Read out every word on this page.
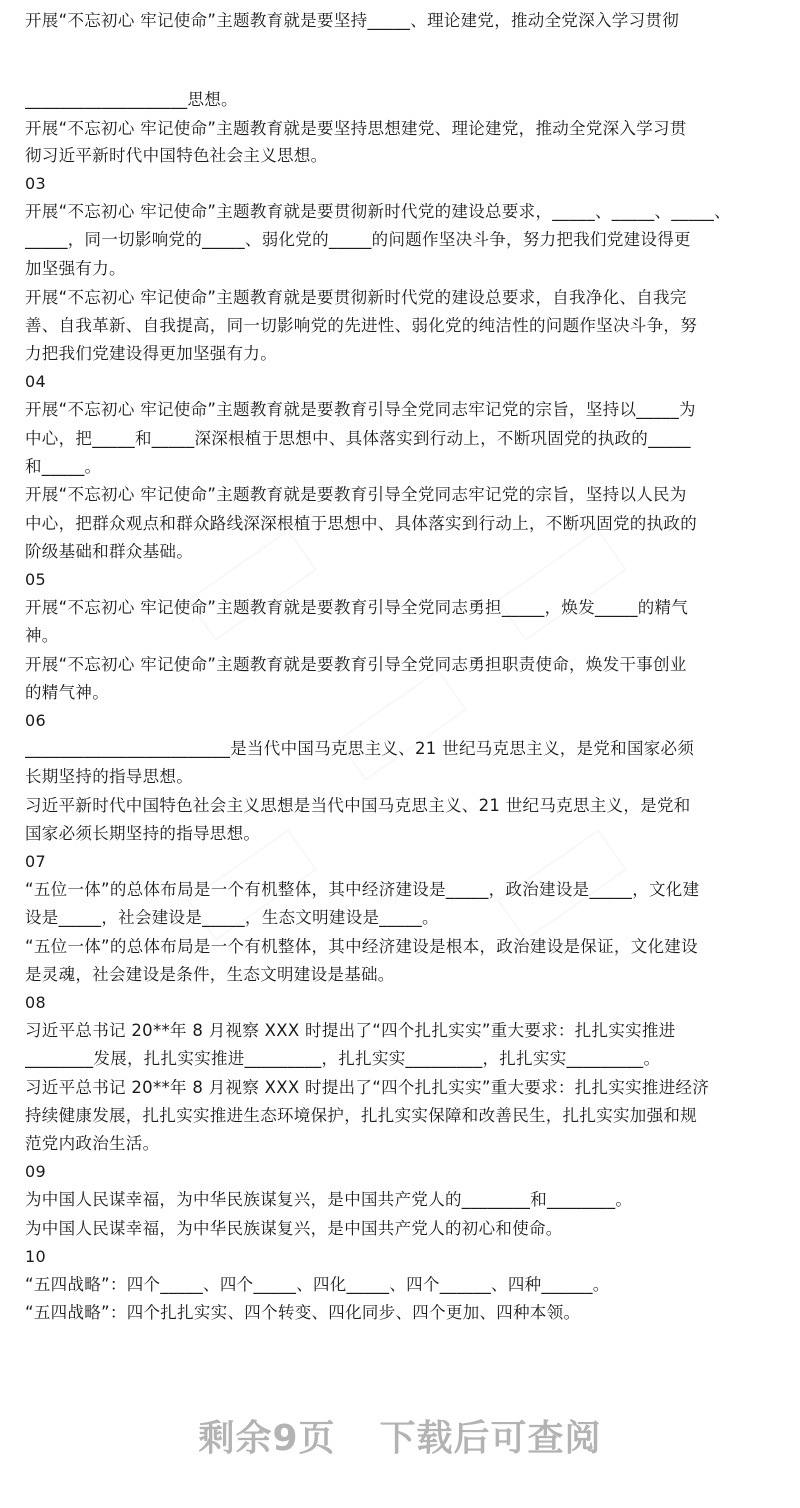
开展“不忘初心 牢记使命”主题教育就是要坚持_____、理论建党，推动全党深入学习贯彻
___________________思想。
开展“不忘初心 牢记使命”主题教育就是要坚持思想建党、理论建党，推动全党深入学习贯
彻习近平新时代中国特色社会主义思想。
03
开展“不忘初心 牢记使命”主题教育就是要贯彻新时代党的建设总要求，_____、_____、_____、
_____，同一切影响党的_____、弱化党的_____的问题作坚决斗争，努力把我们党建设得更
加坚强有力。
开展“不忘初心 牢记使命”主题教育就是要贯彻新时代党的建设总要求，自我净化、自我完
善、自我革新、自我提高，同一切影响党的先进性、弱化党的纯洁性的问题作坚决斗争，努
力把我们党建设得更加坚强有力。
04
开展“不忘初心 牢记使命”主题教育就是要教育引导全党同志牢记党的宗旨，坚持以_____为
中心，把_____和_____深深根植于思想中、具体落实到行动上，不断巩固党的执政的_____
和_____。
开展“不忘初心 牢记使命”主题教育就是要教育引导全党同志牢记党的宗旨，坚持以人民为
中心，把群众观点和群众路线深深根植于思想中、具体落实到行动上，不断巩固党的执政的
阶级基础和群众基础。
05
开展“不忘初心 牢记使命”主题教育就是要教育引导全党同志勇担_____，焕发_____的精气
神。
开展“不忘初心 牢记使命”主题教育就是要教育引导全党同志勇担职责使命，焕发干事创业
的精气神。
06
________________________是当代中国马克思主义、21 世纪马克思主义，是党和国家必须
长期坚持的指导思想。
习近平新时代中国特色社会主义思想是当代中国马克思主义、21 世纪马克思主义，是党和
国家必须长期坚持的指导思想。
07
“五位一体”的总体布局是一个有机整体，其中经济建设是_____，政治建设是_____，文化建
设是_____，社会建设是_____，生态文明建设是_____。
“五位一体”的总体布局是一个有机整体，其中经济建设是根本，政治建设是保证，文化建设
是灵魂，社会建设是条件，生态文明建设是基础。
08
习近平总书记 20**年 8 月视察 XXX 时提出了“四个扎扎实实”重大要求：扎扎实实推进
________发展，扎扎实实推进_________，扎扎实实_________，扎扎实实_________。
习近平总书记 20**年 8 月视察 XXX 时提出了“四个扎扎实实”重大要求：扎扎实实推进经济
持续健康发展，扎扎实实推进生态环境保护，扎扎实实保障和改善民生，扎扎实实加强和规
范党内政治生活。
09
为中国人民谋幸福，为中华民族谋复兴，是中国共产党人的________和________。
为中国人民谋幸福，为中华民族谋复兴，是中国共产党人的初心和使命。
10
“五四战略”：四个_____、四个_____、四化_____、四个______、四种______。
“五四战略”：四个扎扎实实、四个转变、四化同步、四个更加、四种本领。
剩余9页 下载后可查阅
